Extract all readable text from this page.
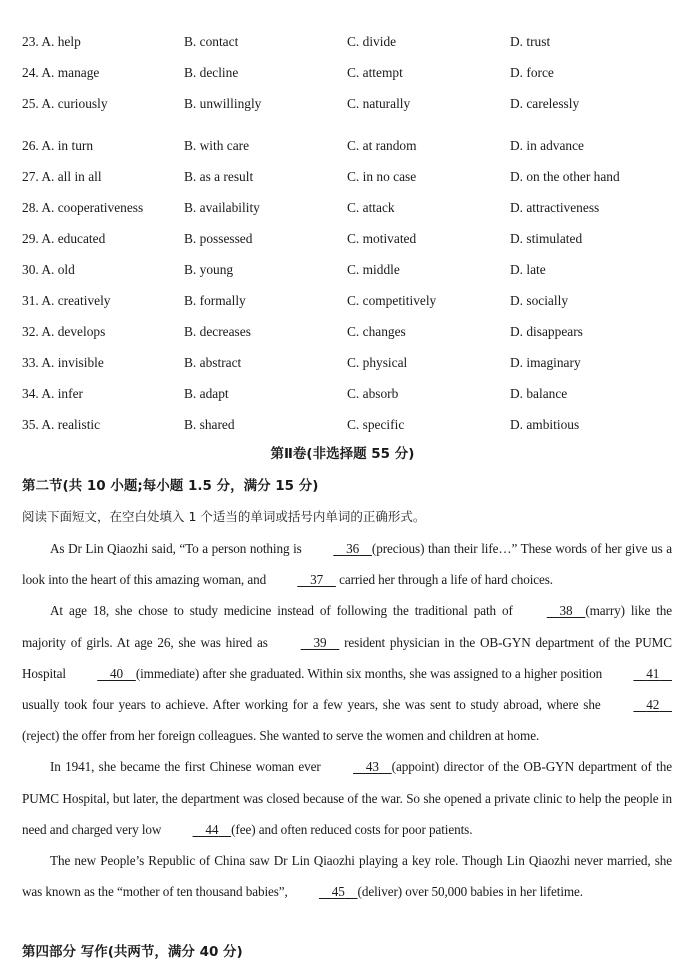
23. A. help	B. contact	C. divide	D. trust
24. A. manage	B. decline	C. attempt	D. force
25. A. curiously	B. unwillingly	C. naturally	D. carelessly
26. A. in turn	B. with care	C. at random	D. in advance
27. A. all in all	B. as a result	C. in no case	D. on the other hand
28. A. cooperativeness	B. availability	C. attack	D. attractiveness
29. A. educated	B. possessed	C. motivated	D. stimulated
30. A. old	B. young	C. middle	D. late
31. A. creatively	B. formally	C. competitively	D. socially
32. A. develops	B. decreases	C. changes	D. disappears
33. A. invisible	B. abstract	C. physical	D. imaginary
34. A. infer	B. adapt	C. absorb	D. balance
35. A. realistic	B. shared	C. specific	D. ambitious
第Ⅱ卷(非选择题 55 分)
第二节(共 10 小题;每小题 1.5 分，满分 15 分)
阅读下面短文，在空白处填入 1 个适当的单词或括号内单词的正确形式。

As Dr Lin Qiaozhi said, “To a person nothing is	36 (precious) than their life…” These words of her give us a look into the heart of this amazing woman, and	37     carried her through a life of hard choices.

At age 18, she chose to study medicine instead of following the traditional path of	38 (marry) like the majority of girls. At age 26, she was hired as	39     resident physician in the OB-GYN department of the PUMC Hospital	40 (immediate) after she graduated. Within six months, she was assigned to a higher position	41     usually took four years to achieve. After working for a few years, she was sent to study abroad, where she	42    (reject) the offer from her foreign colleagues. She wanted to serve the women and children at home.

In 1941, she became the first Chinese woman ever	43 (appoint) director of the OB-GYN department of the PUMC Hospital, but later, the department was closed because of the war. So she opened a private clinic to help the people in need and charged very low	44 (fee) and often reduced costs for poor patients.

The new People’s Republic of China saw Dr Lin Qiaozhi playing a key role. Though Lin Qiaozhi never married, she was known as the “mother of ten thousand babies”,	45 (deliver) over 50,000 babies in her lifetime.

第四部分 写作(共两节，满分 40 分)
